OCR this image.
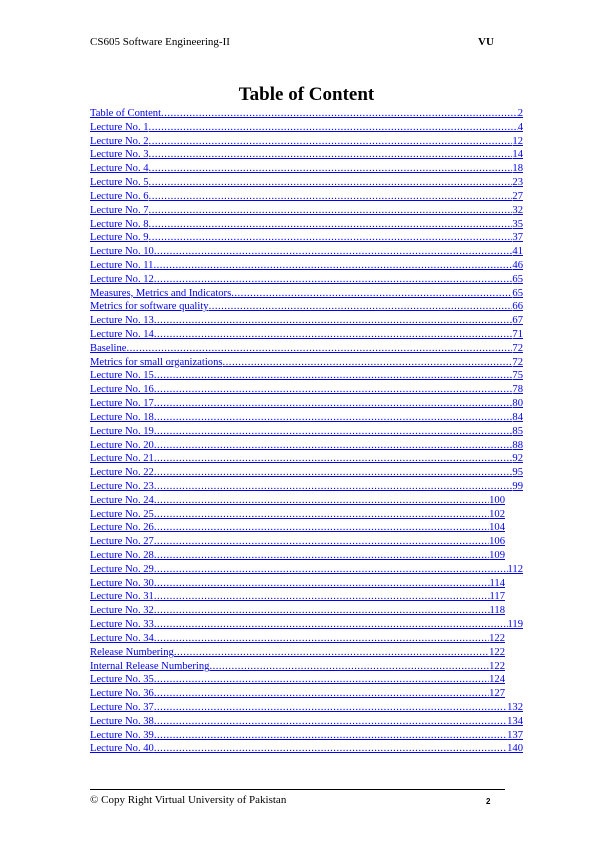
CS605 Software Engineering-II	VU
Table of Content
Table of Content .....	2
Lecture No. 1 .....	4
Lecture No. 2 .....	12
Lecture No. 3 .....	14
Lecture No. 4 .....	18
Lecture No. 5 .....	23
Lecture No. 6 .....	27
Lecture No. 7 .....	32
Lecture No. 8 .....	35
Lecture No. 9 .....	37
Lecture No. 10 .....	41
Lecture No. 11 .....	46
Lecture No. 12 .....	65
Measures, Metrics and Indicators .....	65
Metrics for software quality .....	66
Lecture No. 13 .....	67
Lecture No. 14 .....	71
Baseline .....	72
Metrics for small organizations .....	72
Lecture No. 15 .....	75
Lecture No. 16 .....	78
Lecture No. 17 .....	80
Lecture No. 18 .....	84
Lecture No. 19 .....	85
Lecture No. 20 .....	88
Lecture No. 21 .....	92
Lecture No. 22 .....	95
Lecture No. 23 .....	99
Lecture No. 24 .....	100
Lecture No. 25 .....	102
Lecture No. 26 .....	104
Lecture No. 27 .....	106
Lecture No. 28 .....	109
Lecture No. 29 .....	112
Lecture No. 30 .....	114
Lecture No. 31 .....	117
Lecture No. 32 .....	118
Lecture No. 33 .....	119
Lecture No. 34 .....	122
Release Numbering .....	122
Internal Release Numbering .....	122
Lecture No. 35 .....	124
Lecture No. 36 .....	127
Lecture No. 37 .....	132
Lecture No. 38 .....	134
Lecture No. 39 .....	137
Lecture No. 40 .....	140
© Copy Right Virtual University of Pakistan	2
